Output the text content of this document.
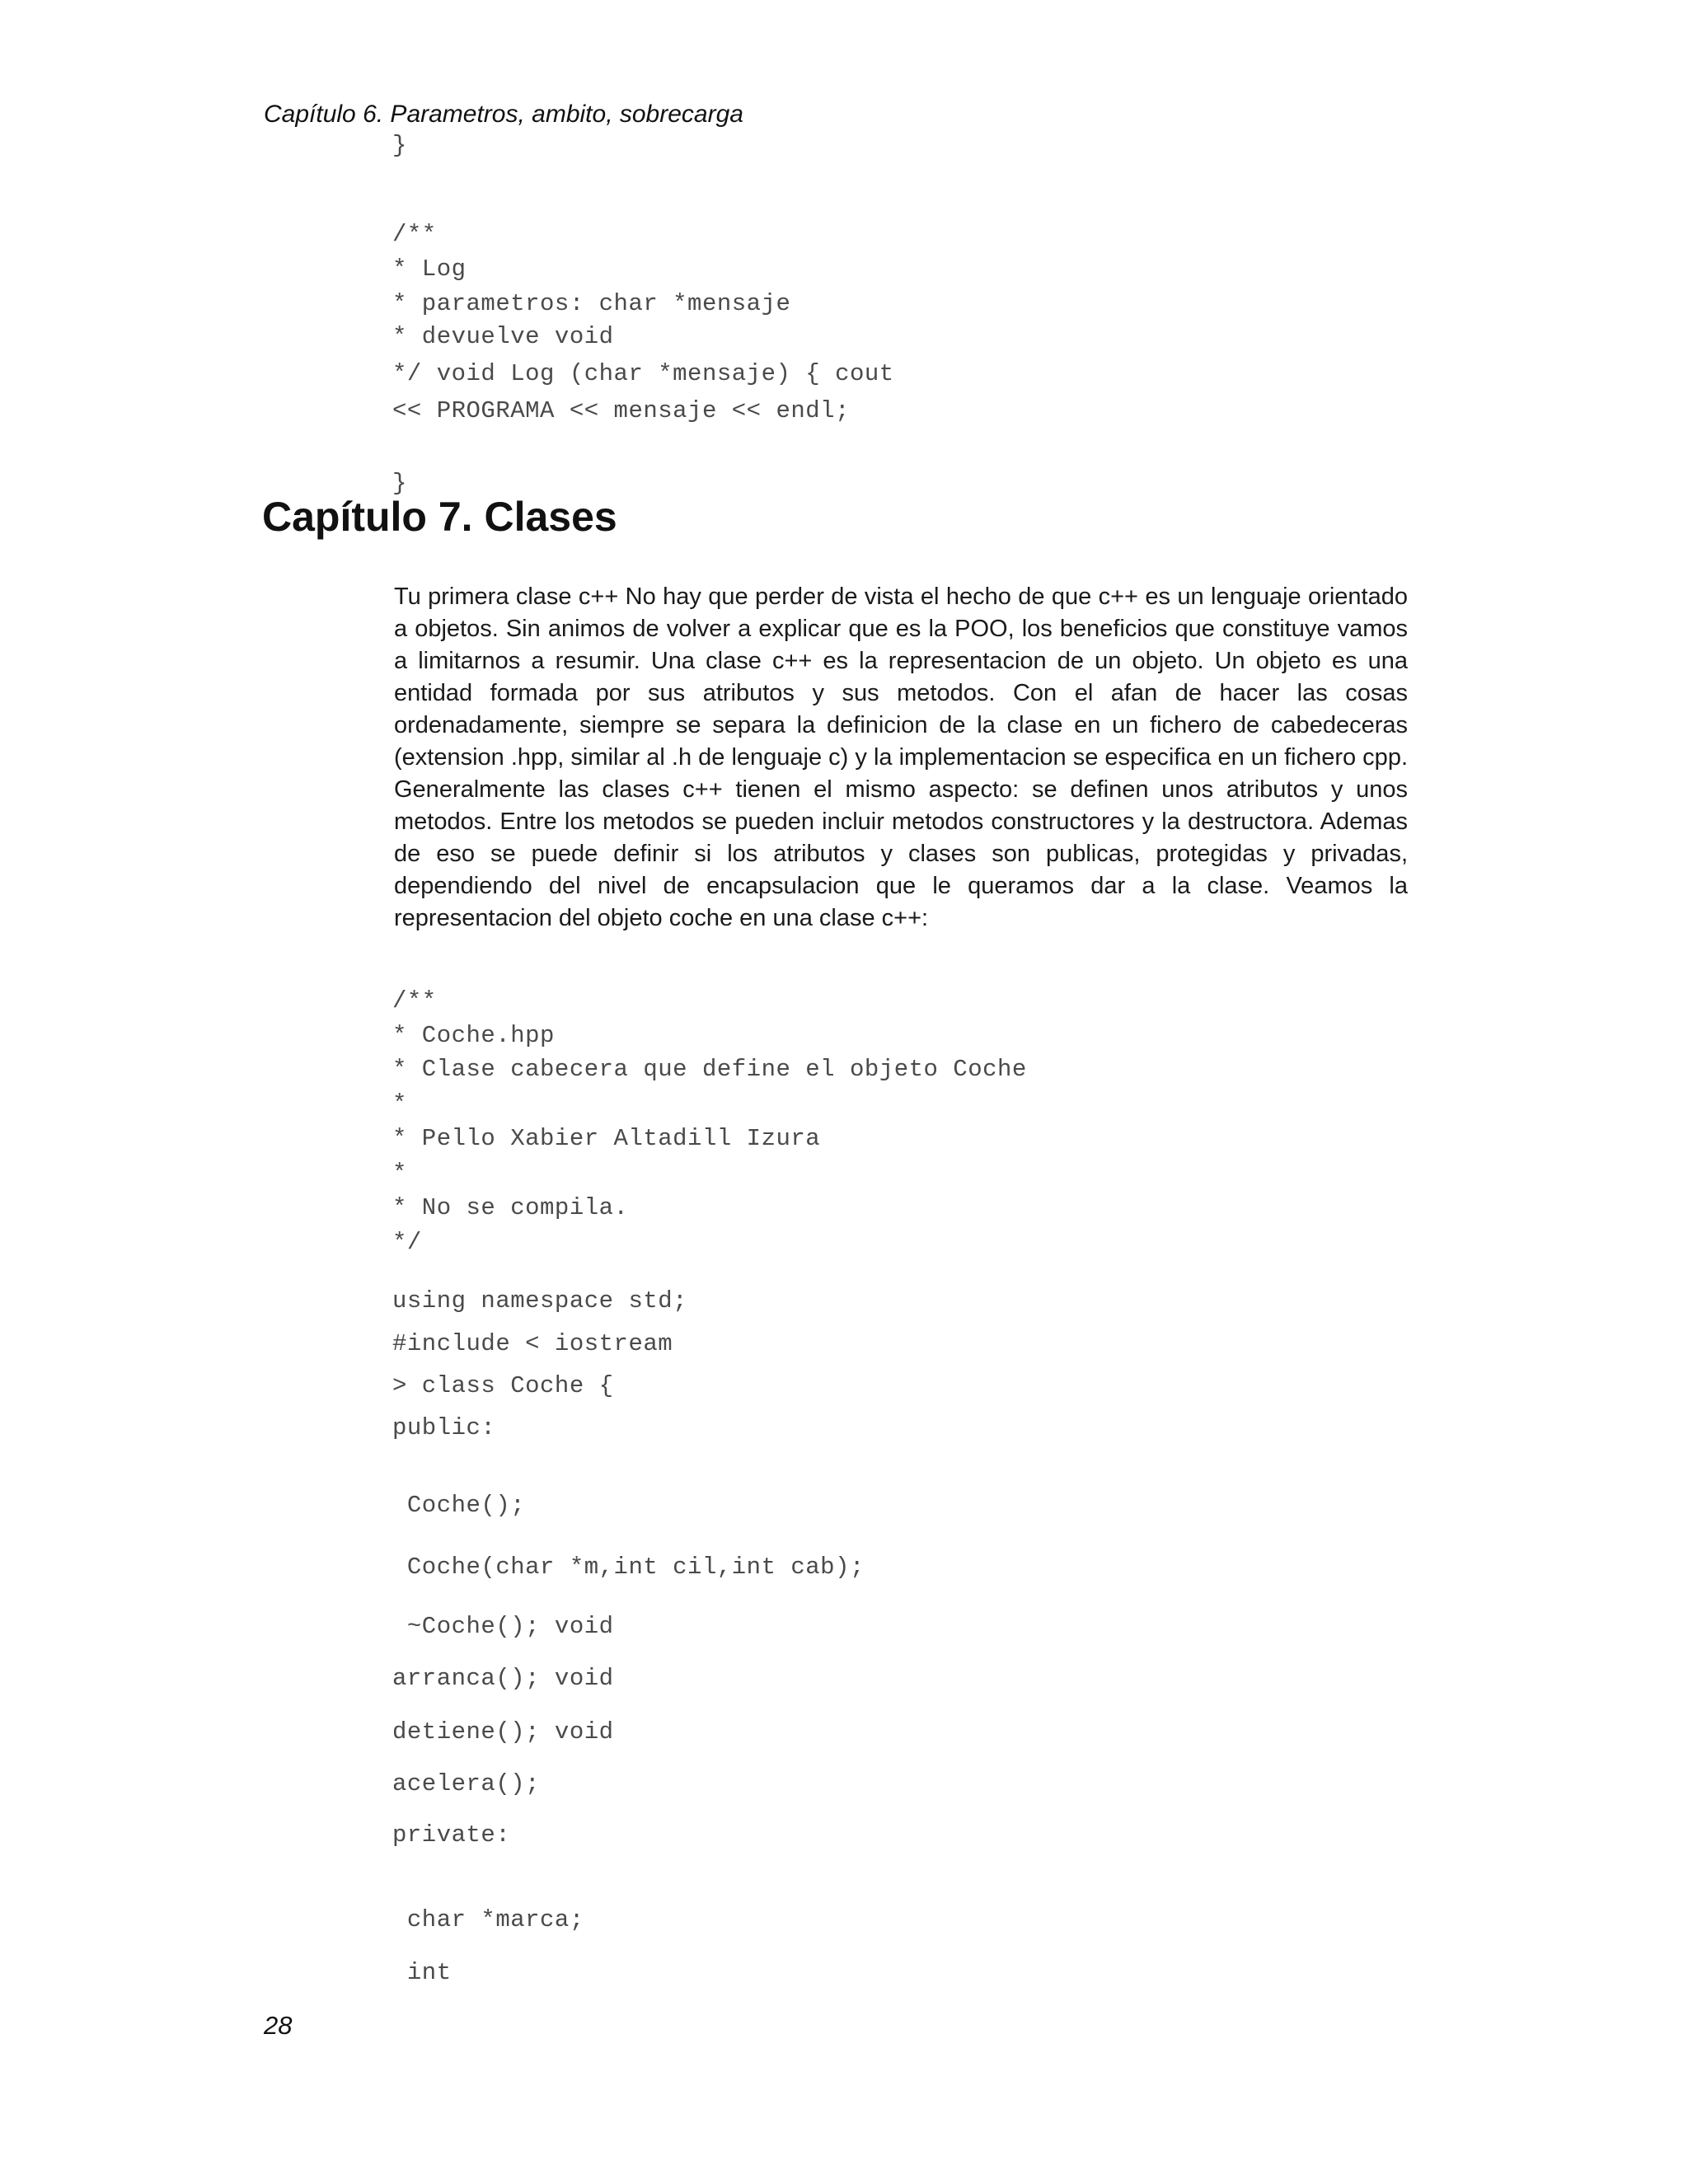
Capítulo 6. Parametros, ambito, sobrecarga
}
/**
* Log
* parametros: char *mensaje
* devuelve void
*/ void Log (char *mensaje) { cout
<< PROGRAMA << mensaje << endl;
}
Capítulo 7. Clases

Tu primera clase c++ No hay que perder de vista el hecho de que c++ es un lenguaje orientado a objetos. Sin animos de volver a explicar que es la POO, los beneficios que constituye vamos a limitarnos a resumir. Una clase c++ es la representacion de un objeto. Un objeto es una entidad formada por sus atributos y sus metodos. Con el afan de hacer las cosas ordenadamente, siempre se separa la definicion de la clase en un fichero de cabedeceras (extension .hpp, similar al .h de lenguaje c) y la implementacion se especifica en un fichero cpp. Generalmente las clases c++ tienen el mismo aspecto: se definen unos atributos y unos metodos. Entre los metodos se pueden incluir metodos constructores y la destructora. Ademas de eso se puede definir si los atributos y clases son publicas, protegidas y privadas, dependiendo del nivel de encapsulacion que le queramos dar a la clase. Veamos la representacion del objeto coche en una clase c++:

/**
* Coche.hpp
* Clase cabecera que define el objeto Coche
*
* Pello Xabier Altadill Izura
*
* No se compila.
*/
using namespace std;
#include < iostream
> class Coche {
public:
Coche();
Coche(char *m,int cil,int cab);
~Coche(); void
arranca(); void
detiene(); void
acelera();
private:
char *marca;
int
28
